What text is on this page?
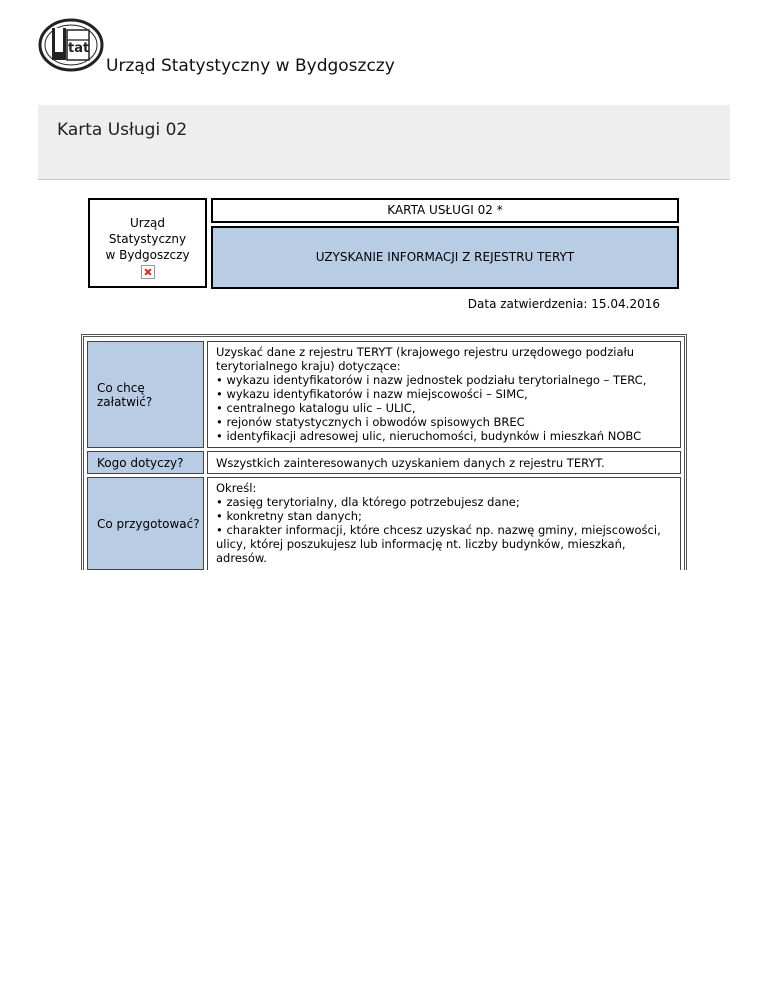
tat
Urząd Statystyczny w Bydgoszczy
Karta Usługi 02
Urząd
Statystyczny
w Bydgoszczy
KARTA USŁUGI 02 *
UZYSKANIE INFORMACJI Z REJESTRU TERYT
Data zatwierdzenia: 15.04.2016
Co chcę załatwić?
Uzyskać dane z rejestru TERYT (krajowego rejestru urzędowego podziału terytorialnego kraju) dotyczące:
• wykazu identyfikatorów i nazw jednostek podziału terytorialnego – TERC,
• wykazu identyfikatorów i nazw miejscowości – SIMC,
• centralnego katalogu ulic – ULIC,
• rejonów statystycznych i obwodów spisowych BREC
• identyfikacji adresowej ulic, nieruchomości, budynków i mieszkań NOBC
Kogo dotyczy?	Wszystkich zainteresowanych uzyskaniem danych z rejestru TERYT.
Co przygotować?
Określ:
• zasięg terytorialny, dla którego potrzebujesz dane;
• konkretny stan danych;
• charakter informacji, które chcesz uzyskać np. nazwę gminy, miejscowości, ulicy, której poszukujesz lub informację nt. liczby budynków, mieszkań, adresów.
